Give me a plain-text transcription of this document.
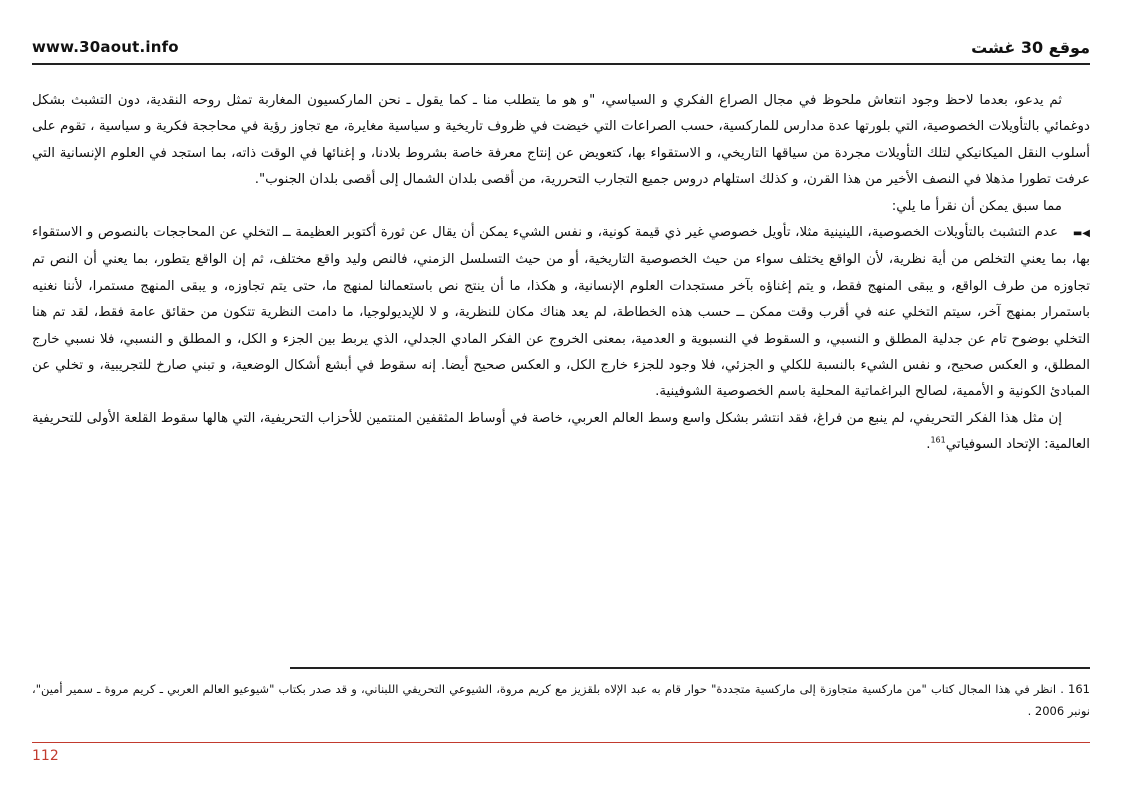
www.30aout.info	موقع 30 غشت

ثم يدعو، بعدما لاحظ وجود انتعاش ملحوظ في مجال الصراع الفكري و السياسي، "و هو ما يتطلب منا ـ كما يقول ـ نحن الماركسيون المغاربة تمثل روحه النقدية، دون التشبث بشكل دوغمائي بالتأويلات الخصوصية، التي بلورتها عدة مدارس للماركسية، حسب الصراعات التي خيضت في ظروف تاريخية و سياسية مغايرة، مع تجاوز رؤية في محاججة فكرية و سياسية ، تقوم على أسلوب النقل الميكانيكي لتلك التأويلات مجردة من سياقها التاريخي، و الاستقواء بها، كتعويض عن إنتاج معرفة خاصة بشروط بلادنا، و إغنائها في الوقت ذاته، بما استجد في العلوم الإنسانية التي عرفت تطورا مذهلا في النصف الأخير من هذا القرن، و كذلك استلهام دروس جميع التجارب التحررية، من أقصى بلدان الشمال إلى أقصى بلدان الجنوب".

مما سبق يمكن أن نقرأ ما يلي:

◀▬عدم التشبث بالتأويلات الخصوصية، اللينينية مثلا، تأويل خصوصي غير ذي قيمة كونية، و نفس الشيء يمكن أن يقال عن ثورة أكتوبر العظيمة ــ التخلي عن المحاججات بالنصوص و الاستقواء بها، بما يعني التخلص من أية نظرية، لأن الواقع يختلف سواء من حيث الخصوصية التاريخية، أو من حيث التسلسل الزمني، فالنص وليد واقع مختلف، ثم إن الواقع يتطور، بما يعني أن النص تم تجاوزه من طرف الواقع، و يبقى المنهج فقط، و يتم إغناؤه بآخر مستجدات العلوم الإنسانية، و هكذا، ما أن ينتج نص باستعمالنا لمنهج ما، حتى يتم تجاوزه، و يبقى المنهج مستمرا، لأننا نغنيه باستمرار بمنهج آخر، سيتم التخلي عنه في أقرب وقت ممكن ــ حسب هذه الخطاطة، لم يعد هناك مكان للنظرية، و لا للإيديولوجيا، ما دامت النظرية تتكون من حقائق عامة فقط، لقد تم هنا التخلي بوضوح تام عن جدلية المطلق و النسبي، و السقوط في النسبوية و العدمية، بمعنى الخروج عن الفكر المادي الجدلي، الذي يربط بين الجزء و الكل، و المطلق و النسبي، فلا نسبي خارج المطلق، و العكس صحيح، و نفس الشيء بالنسبة للكلي و الجزئي، فلا وجود للجزء خارج الكل، و العكس صحيح أيضا. إنه سقوط في أبشع أشكال الوضعية، و تبني صارخ للتجريبية، و تخلي عن المبادئ الكونية و الأممية، لصالح البراغماتية المحلية باسم الخصوصية الشوفينية.

إن مثل هذا الفكر التحريفي، لم ينبع من فراغ، فقد انتشر بشكل واسع وسط العالم العربي، خاصة في أوساط المثقفين المنتمين للأحزاب التحريفية، التي هالها سقوط القلعة الأولى للتحريفية العالمية: الإتحاد السوفياتي$^{161}$.

161 . انظر في هذا المجال كتاب "من ماركسية متجاوزة إلى ماركسية متجددة" حوار قام به عبد الإلاه بلقزيز مع كريم مروة، الشيوعي التحريفي اللبناني، و قد صدر بكتاب "شيوعيو العالم العربي ـ كريم مروة ـ سمير أمين"، نونبر 2006 .
112
